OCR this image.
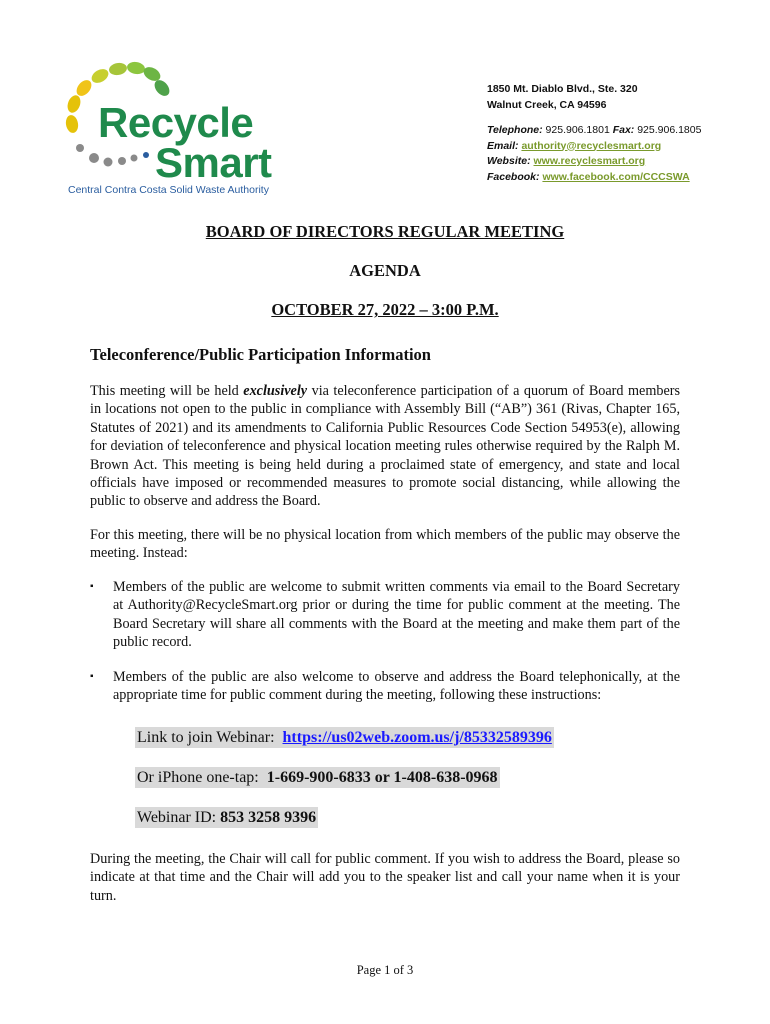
Recycle
Smart
Central Contra Costa Solid Waste Authority
1850 Mt. Diablo Blvd., Ste. 320
Walnut Creek, CA 94596
Telephone: 925.906.1801 Fax: 925.906.1805
Email: authority@recyclesmart.org
Website: www.recyclesmart.org
Facebook: www.facebook.com/CCCSWA
BOARD OF DIRECTORS REGULAR MEETING
AGENDA
OCTOBER 27, 2022 – 3:00 P.M.
Teleconference/Public Participation Information
This meeting will be held exclusively via teleconference participation of a quorum of Board members in locations not open to the public in compliance with Assembly Bill (“AB”) 361 (Rivas, Chapter 165, Statutes of 2021) and its amendments to California Public Resources Code Section 54953(e), allowing for deviation of teleconference and physical location meeting rules otherwise required by the Ralph M. Brown Act. This meeting is being held during a proclaimed state of emergency, and state and local officials have imposed or recommended measures to promote social distancing, while allowing the public to observe and address the Board.
For this meeting, there will be no physical location from which members of the public may observe the meeting. Instead:
▪ Members of the public are welcome to submit written comments via email to the Board Secretary at Authority@RecycleSmart.org prior or during the time for public comment at the meeting. The Board Secretary will share all comments with the Board at the meeting and make them part of the public record.
▪ Members of the public are also welcome to observe and address the Board telephonically, at the appropriate time for public comment during the meeting, following these instructions:
Link to join Webinar: https://us02web.zoom.us/j/85332589396
Or iPhone one-tap: 1-669-900-6833 or 1-408-638-0968
Webinar ID: 853 3258 9396
During the meeting, the Chair will call for public comment. If you wish to address the Board, please so indicate at that time and the Chair will add you to the speaker list and call your name when it is your turn.
Page 1 of 3
